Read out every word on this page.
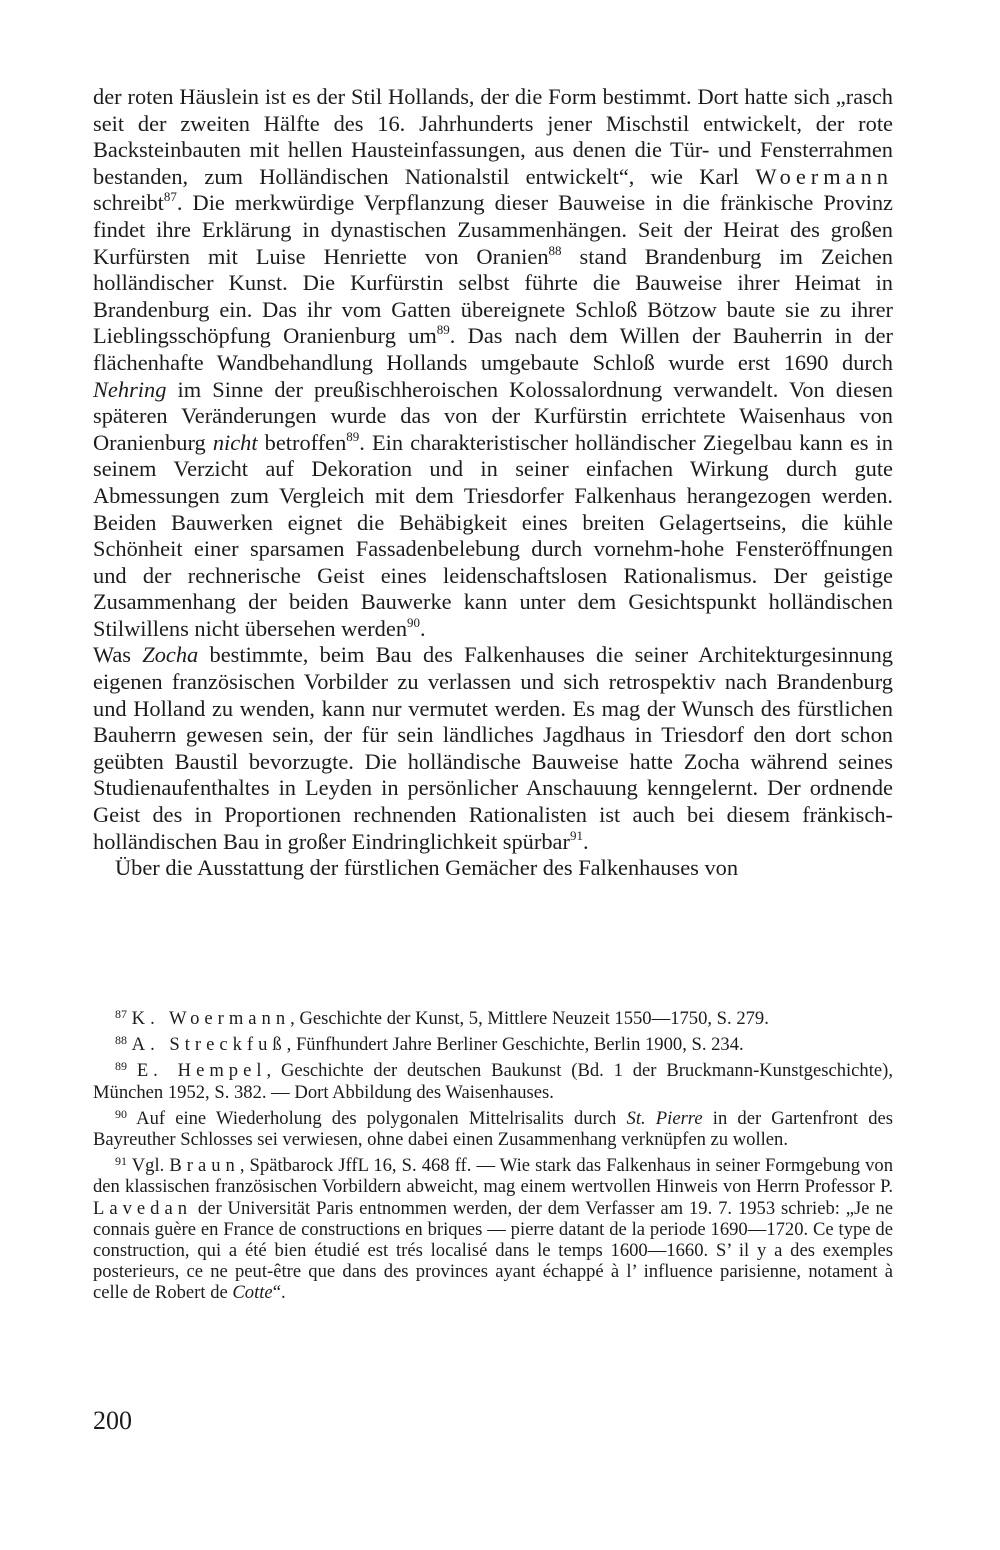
der roten Häuslein ist es der Stil Hollands, der die Form bestimmt. Dort hatte sich „rasch seit der zweiten Hälfte des 16. Jahrhunderts jener Mischstil entwickelt, der rote Backsteinbauten mit hellen Hausteinfassungen, aus denen die Tür- und Fensterrahmen bestanden, zum Holländischen Nationalstil entwickelt“, wie Karl Woermann schreibt$^{87}$. Die merkwürdige Verpflanzung dieser Bauweise in die fränkische Provinz findet ihre Erklärung in dynastischen Zusammenhängen. Seit der Heirat des großen Kurfürsten mit Luise Henriette von Oranien$^{88}$ stand Brandenburg im Zeichen holländischer Kunst. Die Kurfürstin selbst führte die Bauweise ihrer Heimat in Brandenburg ein. Das ihr vom Gatten übereignete Schloß Bötzow baute sie zu ihrer Lieblingsschöpfung Oranienburg um$^{89}$. Das nach dem Willen der Bauherrin in der flächenhafte Wandbehandlung Hollands umgebaute Schloß wurde erst 1690 durch Nehring im Sinne der preußischheroischen Kolossalordnung verwandelt. Von diesen späteren Veränderungen wurde das von der Kurfürstin errichtete Waisenhaus von Oranienburg nicht betroffen$^{89}$. Ein charakteristischer holländischer Ziegelbau kann es in seinem Verzicht auf Dekoration und in seiner einfachen Wirkung durch gute Abmessungen zum Vergleich mit dem Triesdorfer Falkenhaus herangezogen werden. Beiden Bauwerken eignet die Behäbigkeit eines breiten Gelagertseins, die kühle Schönheit einer sparsamen Fassadenbelebung durch vornehm-hohe Fensteröffnungen und der rechnerische Geist eines leidenschaftslosen Rationalismus. Der geistige Zusammenhang der beiden Bauwerke kann unter dem Gesichtspunkt holländischen Stilwillens nicht übersehen werden$^{90}$.

Was Zocha bestimmte, beim Bau des Falkenhauses die seiner Architekturgesinnung eigenen französischen Vorbilder zu verlassen und sich retrospektiv nach Brandenburg und Holland zu wenden, kann nur vermutet werden. Es mag der Wunsch des fürstlichen Bauherrn gewesen sein, der für sein ländliches Jagdhaus in Triesdorf den dort schon geübten Baustil bevorzugte. Die holländische Bauweise hatte Zocha während seines Studienaufenthaltes in Leyden in persönlicher Anschauung kenngelernt. Der ordnende Geist des in Proportionen rechnenden Rationalisten ist auch bei diesem fränkisch-holländischen Bau in großer Eindringlichkeit spürbar$^{91}$.

Über die Ausstattung der fürstlichen Gemächer des Falkenhauses von

$^{87}$ K. Woermann, Geschichte der Kunst, 5, Mittlere Neuzeit 1550—1750, S. 279.

$^{88}$ A. Streckfuß, Fünfhundert Jahre Berliner Geschichte, Berlin 1900, S. 234.

$^{89}$ E. Hempel, Geschichte der deutschen Baukunst (Bd. 1 der Bruckmann-Kunstgeschichte), München 1952, S. 382. — Dort Abbildung des Waisenhauses.

$^{90}$ Auf eine Wiederholung des polygonalen Mittelrisalits durch St. Pierre in der Gartenfront des Bayreuther Schlosses sei verwiesen, ohne dabei einen Zusammenhang verknüpfen zu wollen.

$^{91}$ Vgl. Braun, Spätbarock JffL 16, S. 468 ff. — Wie stark das Falkenhaus in seiner Formgebung von den klassischen französischen Vorbildern abweicht, mag einem wertvollen Hinweis von Herrn Professor P. Lavedan der Universität Paris entnommen werden, der dem Verfasser am 19. 7. 1953 schrieb: „Je ne connais guère en France de constructions en briques — pierre datant de la periode 1690—1720. Ce type de construction, qui a été bien étudié est trés localisé dans le temps 1600—1660. S’ il y a des exemples posterieurs, ce ne peut-être que dans des provinces ayant échappé à l’ influence parisienne, notament à celle de Robert de Cotte“.

200
